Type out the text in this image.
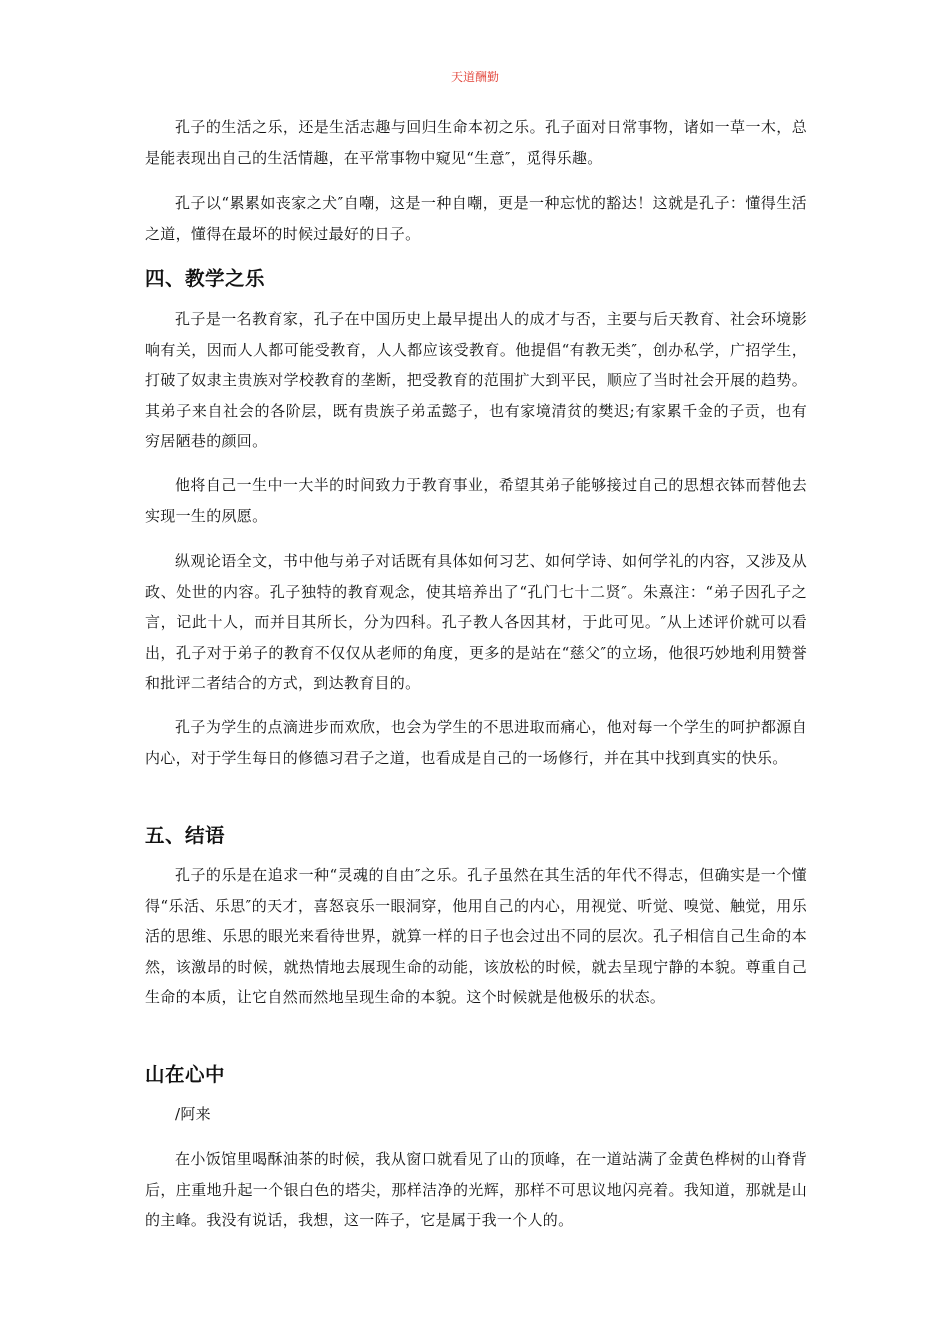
天道酬勤

孔子的生活之乐，还是生活志趣与回归生命本初之乐。孔子面对日常事物，诸如一草一木，总是能表现出自己的生活情趣，在平常事物中窥见“生意″，觅得乐趣。

孔子以“累累如丧家之犬″自嘲，这是一种自嘲，更是一种忘忧的豁达！这就是孔子：懂得生活之道，懂得在最坏的时候过最好的日子。

四、教学之乐

孔子是一名教育家，孔子在中国历史上最早提出人的成才与否，主要与后天教育、社会环境影响有关，因而人人都可能受教育，人人都应该受教育。他提倡“有教无类″，创办私学，广招学生，打破了奴隶主贵族对学校教育的垄断，把受教育的范围扩大到平民，顺应了当时社会开展的趋势。其弟子来自社会的各阶层，既有贵族子弟孟懿子，也有家境清贫的樊迟;有家累千金的子贡，也有穷居陋巷的颜回。

他将自己一生中一大半的时间致力于教育事业，希望其弟子能够接过自己的思想衣钵而替他去实现一生的夙愿。

纵观论语全文，书中他与弟子对话既有具体如何习艺、如何学诗、如何学礼的内容，又涉及从政、处世的内容。孔子独特的教育观念，使其培养出了“孔门七十二贤″。朱熹注：“弟子因孔子之言，记此十人，而并目其所长，分为四科。孔子教人各因其材，于此可见。″从上述评价就可以看出，孔子对于弟子的教育不仅仅从老师的角度，更多的是站在“慈父″的立场，他很巧妙地利用赞誉和批评二者结合的方式，到达教育目的。

孔子为学生的点滴进步而欢欣，也会为学生的不思进取而痛心，他对每一个学生的呵护都源自内心，对于学生每日的修德习君子之道，也看成是自己的一场修行，并在其中找到真实的快乐。

五、结语

孔子的乐是在追求一种“灵魂的自由″之乐。孔子虽然在其生活的年代不得志，但确实是一个懂得“乐活、乐思″的天才，喜怒哀乐一眼洞穿，他用自己的内心，用视觉、听觉、嗅觉、触觉，用乐活的思维、乐思的眼光来看待世界，就算一样的日子也会过出不同的层次。孔子相信自己生命的本然，该激昂的时候，就热情地去展现生命的动能，该放松的时候，就去呈现宁静的本貌。尊重自己生命的本质，让它自然而然地呈现生命的本貌。这个时候就是他极乐的状态。

山在心中

/阿来

在小饭馆里喝酥油茶的时候，我从窗口就看见了山的顶峰，在一道站满了金黄色桦树的山脊背后，庄重地升起一个银白色的塔尖，那样洁净的光辉，那样不可思议地闪亮着。我知道，那就是山的主峰。我没有说话，我想，这一阵子，它是属于我一个人的。
